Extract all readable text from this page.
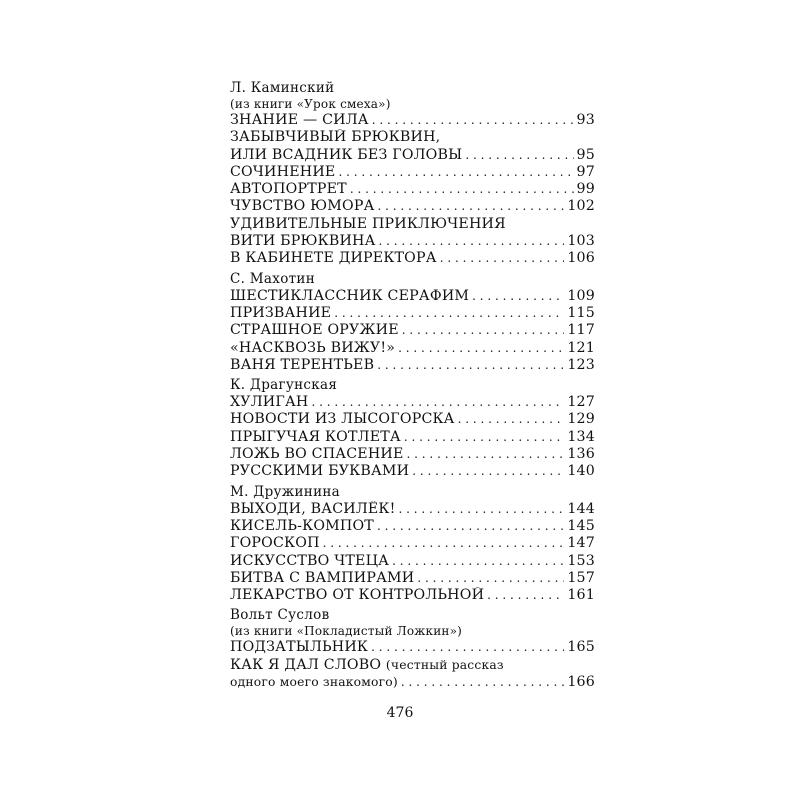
Л. Каминский
(из книги «Урок смеха»)
ЗНАНИЕ — СИЛА . . .	93
ЗАБЫВЧИВЫЙ БРЮКВИН,
ИЛИ ВСАДНИК БЕЗ ГОЛОВЫ . . .	95
СОЧИНЕНИЕ . . .	97
АВТОПОРТРЕТ . . .	99
ЧУВСТВО ЮМОРА . . .	102
УДИВИТЕЛЬНЫЕ ПРИКЛЮЧЕНИЯ
ВИТИ БРЮКВИНА . . .	103
В КАБИНЕТЕ ДИРЕКТОРА . . .	106
С. Махотин
ШЕСТИКЛАССНИК СЕРАФИМ . . .	109
ПРИЗВАНИЕ . . .	115
СТРАШНОЕ ОРУЖИЕ . . .	117
«НАСКВОЗЬ ВИЖУ!» . . .	121
ВАНЯ ТЕРЕНТЬЕВ . . .	123
К. Драгунская
ХУЛИГАН . . .	127
НОВОСТИ ИЗ ЛЫСОГОРСКА . . .	129
ПРЫГУЧАЯ КОТЛЕТА . . .	134
ЛОЖЬ ВО СПАСЕНИЕ . . .	136
РУССКИМИ БУКВАМИ . . .	140
М. Дружинина
ВЫХОДИ, ВАСИЛЁК! . . .	144
КИСЕЛЬ-КОМПОТ . . .	145
ГОРОСКОП . . .	147
ИСКУССТВО ЧТЕЦА . . .	153
БИТВА С ВАМПИРАМИ . . .	157
ЛЕКАРСТВО ОТ КОНТРОЛЬНОЙ . . .	161
Вольт Суслов
(из книги «Покладистый Ложкин»)
ПОДЗАТЫЛЬНИК . . .	165
КАК Я ДАЛ СЛОВО (честный рассказ
одного моего знакомого) . . .	166
476
